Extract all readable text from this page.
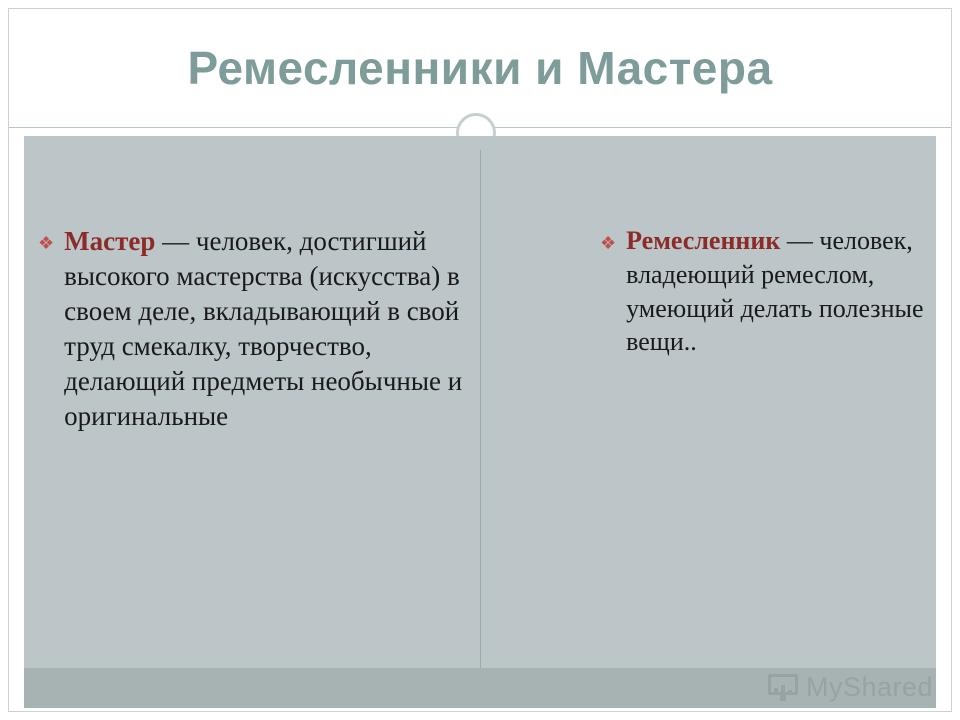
Ремесленники и Мастера
❖ Мастер — человек, достигший высокого мастерства (искусства) в своем деле, вкладывающий в свой труд смекалку, творчество, делающий предметы необычные и оригинальные
❖ Ремесленник — человек, владеющий ремеслом, умеющий делать полезные вещи..
MyShared
